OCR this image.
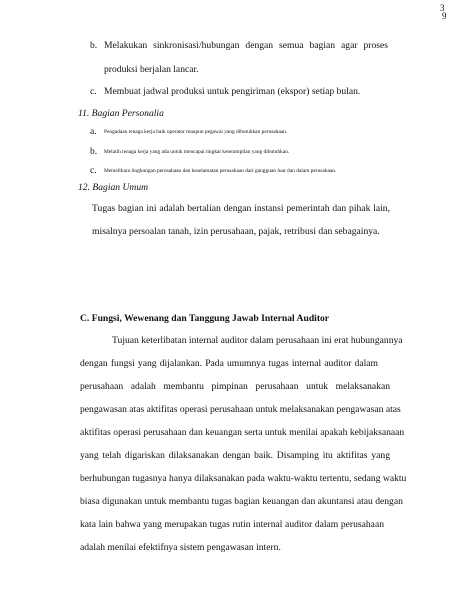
3
9
b. Melakukan sinkronisasi/hubungan dengan semua bagian agar proses
produksi berjalan lancar.
c. Membuat jadwal produksi untuk pengiriman (ekspor) setiap bulan.
11. Bagian Personalia
a. Pengadaan tenaga kerja baik operator maupun pegawai yang dibutuhkan perusahaan.
b. Melatih tenaga kerja yang ada untuk mencapai tingkat keterampilan yang dibutuhkan.
c. Memelihara lingkungan perusahaan dan keselamatan perusahaan dari gangguan luar dan dalam perusahaan.
12. Bagian Umum
Tugas bagian ini adalah bertalian dengan instansi pemerintah dan pihak lain,
misalnya persoalan tanah, izin perusahaan, pajak, retribusi dan sebagainya.
C. Fungsi, Wewenang dan Tanggung Jawab Internal Auditor
Tujuan keterlibatan internal auditor dalam perusahaan ini erat hubungannya
dengan fungsi yang dijalankan. Pada umumnya tugas internal auditor dalam
perusahaan adalah membantu pimpinan perusahaan untuk melaksanakan
pengawasan atas aktifitas operasi perusahaan untuk melaksanakan pengawasan atas
aktifitas operasi perusahaan dan keuangan serta untuk menilai apakah kebijaksanaan
yang telah digariskan dilaksanakan dengan baik. Disamping itu aktifitas yang
berhubungan tugasnya hanya dilaksanakan pada waktu-waktu tertentu, sedang waktu
biasa digunakan untuk membantu tugas bagian keuangan dan akuntansi atau dengan
kata lain bahwa yang merupakan tugas rutin internal auditor dalam perusahaan
adalah menilai efektifnya sistem pengawasan intern.
